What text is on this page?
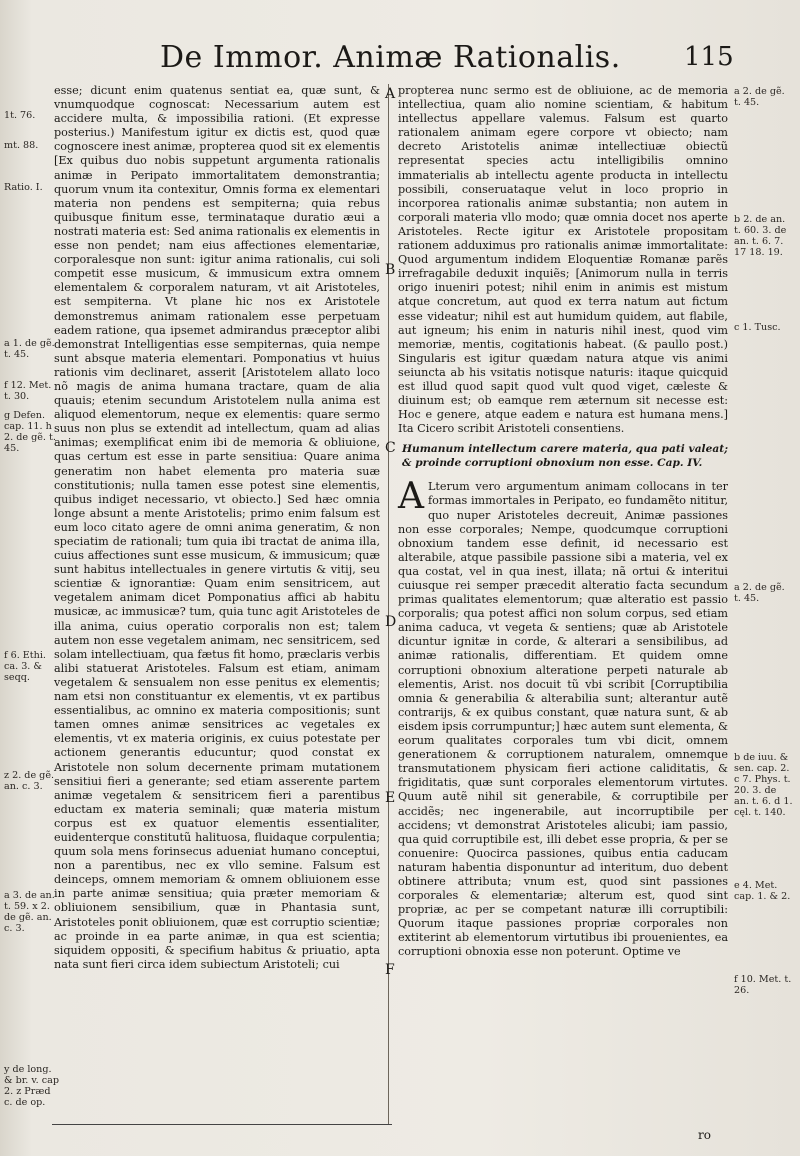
De Immor. Animæ Rationalis. 115

esse; dicunt enim quatenus sentiat ea, quæ sunt, & vnumquodque cognoscat: Necessarium autem est accidere multa, & impossibilia rationi. (Et expresse posterius.) Manifestum igitur ex dictis est, quod quæ cognoscere inest animæ, propterea quod sit ex elementis [Ex quibus duo nobis suppetunt argumenta rationalis animæ in Peripato immortalitatem demonstrantia; quorum vnum ita contexitur, Omnis forma ex elementari materia non pendens est sempiterna; quia rebus quibusque finitum esse, terminataque duratio æui a nostrati materia est: Sed anima rationalis ex elementis in esse non pendet; nam eius affectiones elementariæ, corporalesque non sunt: igitur anima rationalis, cui soli competit esse musicum, & immusicum extra omnem elementalem & corporalem naturam, vt ait Aristoteles, est sempiterna. Vt plane hic nos ex Aristotele demonstremus animam rationalem esse perpetuam eadem ratione, qua ipsemet admirandus præceptor alibi demonstrat Intelligentias esse sempiternas, quia nempe sunt absque materia elementari. Pomponatius vt huius rationis vim declinaret, asserit [Aristotelem allato loco nõ magis de anima humana tractare, quam de alia quauis; etenim secundum Aristotelem nulla anima est aliquod elementorum, neque ex elementis: quare sermo suus non plus se extendit ad intellectum, quam ad alias animas; exemplificat enim ibi de memoria & obliuione, quas certum est esse in parte sensitiua: Quare anima generatim non habet elementa pro materia suæ constitutionis; nulla tamen esse potest sine elementis, quibus indiget necessario, vt obiecto.] Sed hæc omnia longe absunt a mente Aristotelis; primo enim falsum est eum loco citato agere de omni anima generatim, & non speciatim de rationali; tum quia ibi tractat de anima illa, cuius affectiones sunt esse musicum, & immusicum; quæ sunt habitus intellectuales in genere virtutis & vitij, seu scientiæ & ignorantiæ: Quam enim sensitricem, aut vegetalem animam dicet Pomponatius affici ab habitu musicæ, ac immusicæ? tum, quia tunc agit Aristoteles de illa anima, cuius operatio corporalis non est; talem autem non esse vegetalem animam, nec sensitricem, sed solam intellectiuam, qua fætus fit homo, præclaris verbis alibi statuerat Aristoteles. Falsum est etiam, animam vegetalem & sensualem non esse penitus ex elementis; nam etsi non constituantur ex elementis, vt ex partibus essentialibus, ac omnino ex materia compositionis; sunt tamen omnes animæ sensitrices ac vegetales ex elementis, vt ex materia originis, ex cuius potestate per actionem generantis educuntur; quod constat ex Aristotele non solum decernente primam mutationem sensitiui fieri a generante; sed etiam asserente partem animæ vegetalem & sensitricem fieri a parentibus eductam ex materia seminali; quæ materia mistum corpus est ex quatuor elementis essentialiter, euidenterque constitutũ halituosa, fluidaque corpulentia; quum sola mens forinsecus adueniat humano conceptui, non a parentibus, nec ex vllo semine. Falsum est deinceps, omnem memoriam & omnem obliuionem esse in parte animæ sensitiua; quia præter memoriam & obliuionem sensibilium, quæ in Phantasia sunt, Aristoteles ponit obliuionem, quæ est corruptio scientiæ; ac proinde in ea parte animæ, in qua est scientia; siquidem oppositi, & specifium habitus & priuatio, apta nata sunt fieri circa idem subiectum Aristoteli; cui

propterea nunc sermo est de obliuione, ac de memoria intellectiua, quam alio nomine scientiam, & habitum intellectus appellare valemus. Falsum est quarto rationalem animam egere corpore vt obiecto; nam decreto Aristotelis animæ intellectiuæ obiectũ representat species actu intelligibilis omnino immaterialis ab intellectu agente producta in intellectu possibili, conseruataque velut in loco proprio in incorporea rationalis animæ substantia; non autem in corporali materia vllo modo; quæ omnia docet nos aperte Aristoteles. Recte igitur ex Aristotele propositam rationem adduximus pro rationalis animæ immortalitate: Quod argumentum indidem Eloquentiæ Romanæ parẽs irrefragabile deduxit inquiẽs; [Animorum nulla in terris origo inueniri potest; nihil enim in animis est mistum atque concretum, aut quod ex terra natum aut fictum esse videatur; nihil est aut humidum quidem, aut flabile, aut igneum; his enim in naturis nihil inest, quod vim memoriæ, mentis, cogitationis habeat. (& paullo post.) Singularis est igitur quædam natura atque vis animi seiuncta ab his vsitatis notisque naturis: itaque quicquid est illud quod sapit quod vult quod viget, cæleste & diuinum est; ob eamque rem æternum sit necesse est: Hoc e genere, atque eadem e natura est humana mens.] Ita Cicero scribit Aristoteli consentiens.

Humanum intellectum carere materia, qua pati valeat; & proinde corruptioni obnoxium non esse. Cap. IV.

A Lterum vero argumentum animam collocans in ter formas immortales in Peripato, eo fundamẽto nititur, quo nuper Aristoteles decreuit, Animæ passiones non esse corporales; Nempe, quodcumque corruptioni obnoxium tandem esse definit, id necessario est alterabile, atque passibile passione sibi a materia, vel ex qua costat, vel in qua inest, illata; nã ortui & interitui cuiusque rei semper præcedit alteratio facta secundum primas qualitates elementorum; quæ alteratio est passio corporalis; qua potest affici non solum corpus, sed etiam anima caduca, vt vegeta & sentiens; quæ ab Aristotele dicuntur ignitæ in corde, & alterari a sensibilibus, ad animæ rationalis, differentiam. Et quidem omne corruptioni obnoxium alteratione perpeti naturale ab elementis, Arist. nos docuit tũ vbi scribit [Corruptibilia omnia & generabilia & alterabilia sunt; alterantur autẽ contrarijs, & ex quibus constant, quæ natura sunt, & ab eisdem ipsis corrumpuntur;] hæc autem sunt elementa, & eorum qualitates corporales tum vbi dicit, omnem generationem & corruptionem naturalem, omnemque transmutationem physicam fieri actione caliditatis, & frigiditatis, quæ sunt corporales elementorum virtutes. Quum autẽ nihil sit generabile, & corruptibile per accidẽs; nec ingenerabile, aut incorruptibile per accidens; vt demonstrat Aristoteles alicubi; iam passio, qua quid corruptibile est, illi debet esse propria, & per se conuenire: Quocirca passiones, quibus entia caducam naturam habentia disponuntur ad interitum, duo debent obtinere attributa; vnum est, quod sint passiones corporales & elementariæ; alterum est, quod sint propriæ, ac per se competant naturæ illi corruptibili: Quorum itaque passiones propriæ corporales non extiterint ab elementorum virtutibus ibi prouenientes, ea corruptioni obnoxia esse non poterunt. Optime ve

A
B
C
D
E
F
1t. 76.
mt. 88.
Ratio. I.
a 1. de gẽ. t. 45.
f 12. Met. t. 30.
g Defen. cap. 11. h 2. de gẽ. t. 45.
f 6. Ethi. ca. 3. & seqq.
z 2. de gẽ. an. c. 3.
a 3. de an. t. 59. x 2. de gẽ. an. c. 3.
y de long. & br. v. cap 2. z Præd c. de op.
a 2. de gẽ. t. 45.
b 2. de an. t. 60. 3. de an. t. 6. 7. 17 18. 19.
c 1. Tusc.
a 2. de gẽ. t. 45.
b de iuu. & sen. cap. 2. c 7. Phys. t. 20. 3. de an. t. 6. d 1. cęl. t. 140.
e 4. Met. cap. 1. & 2.
f 10. Met. t. 26.
ro
